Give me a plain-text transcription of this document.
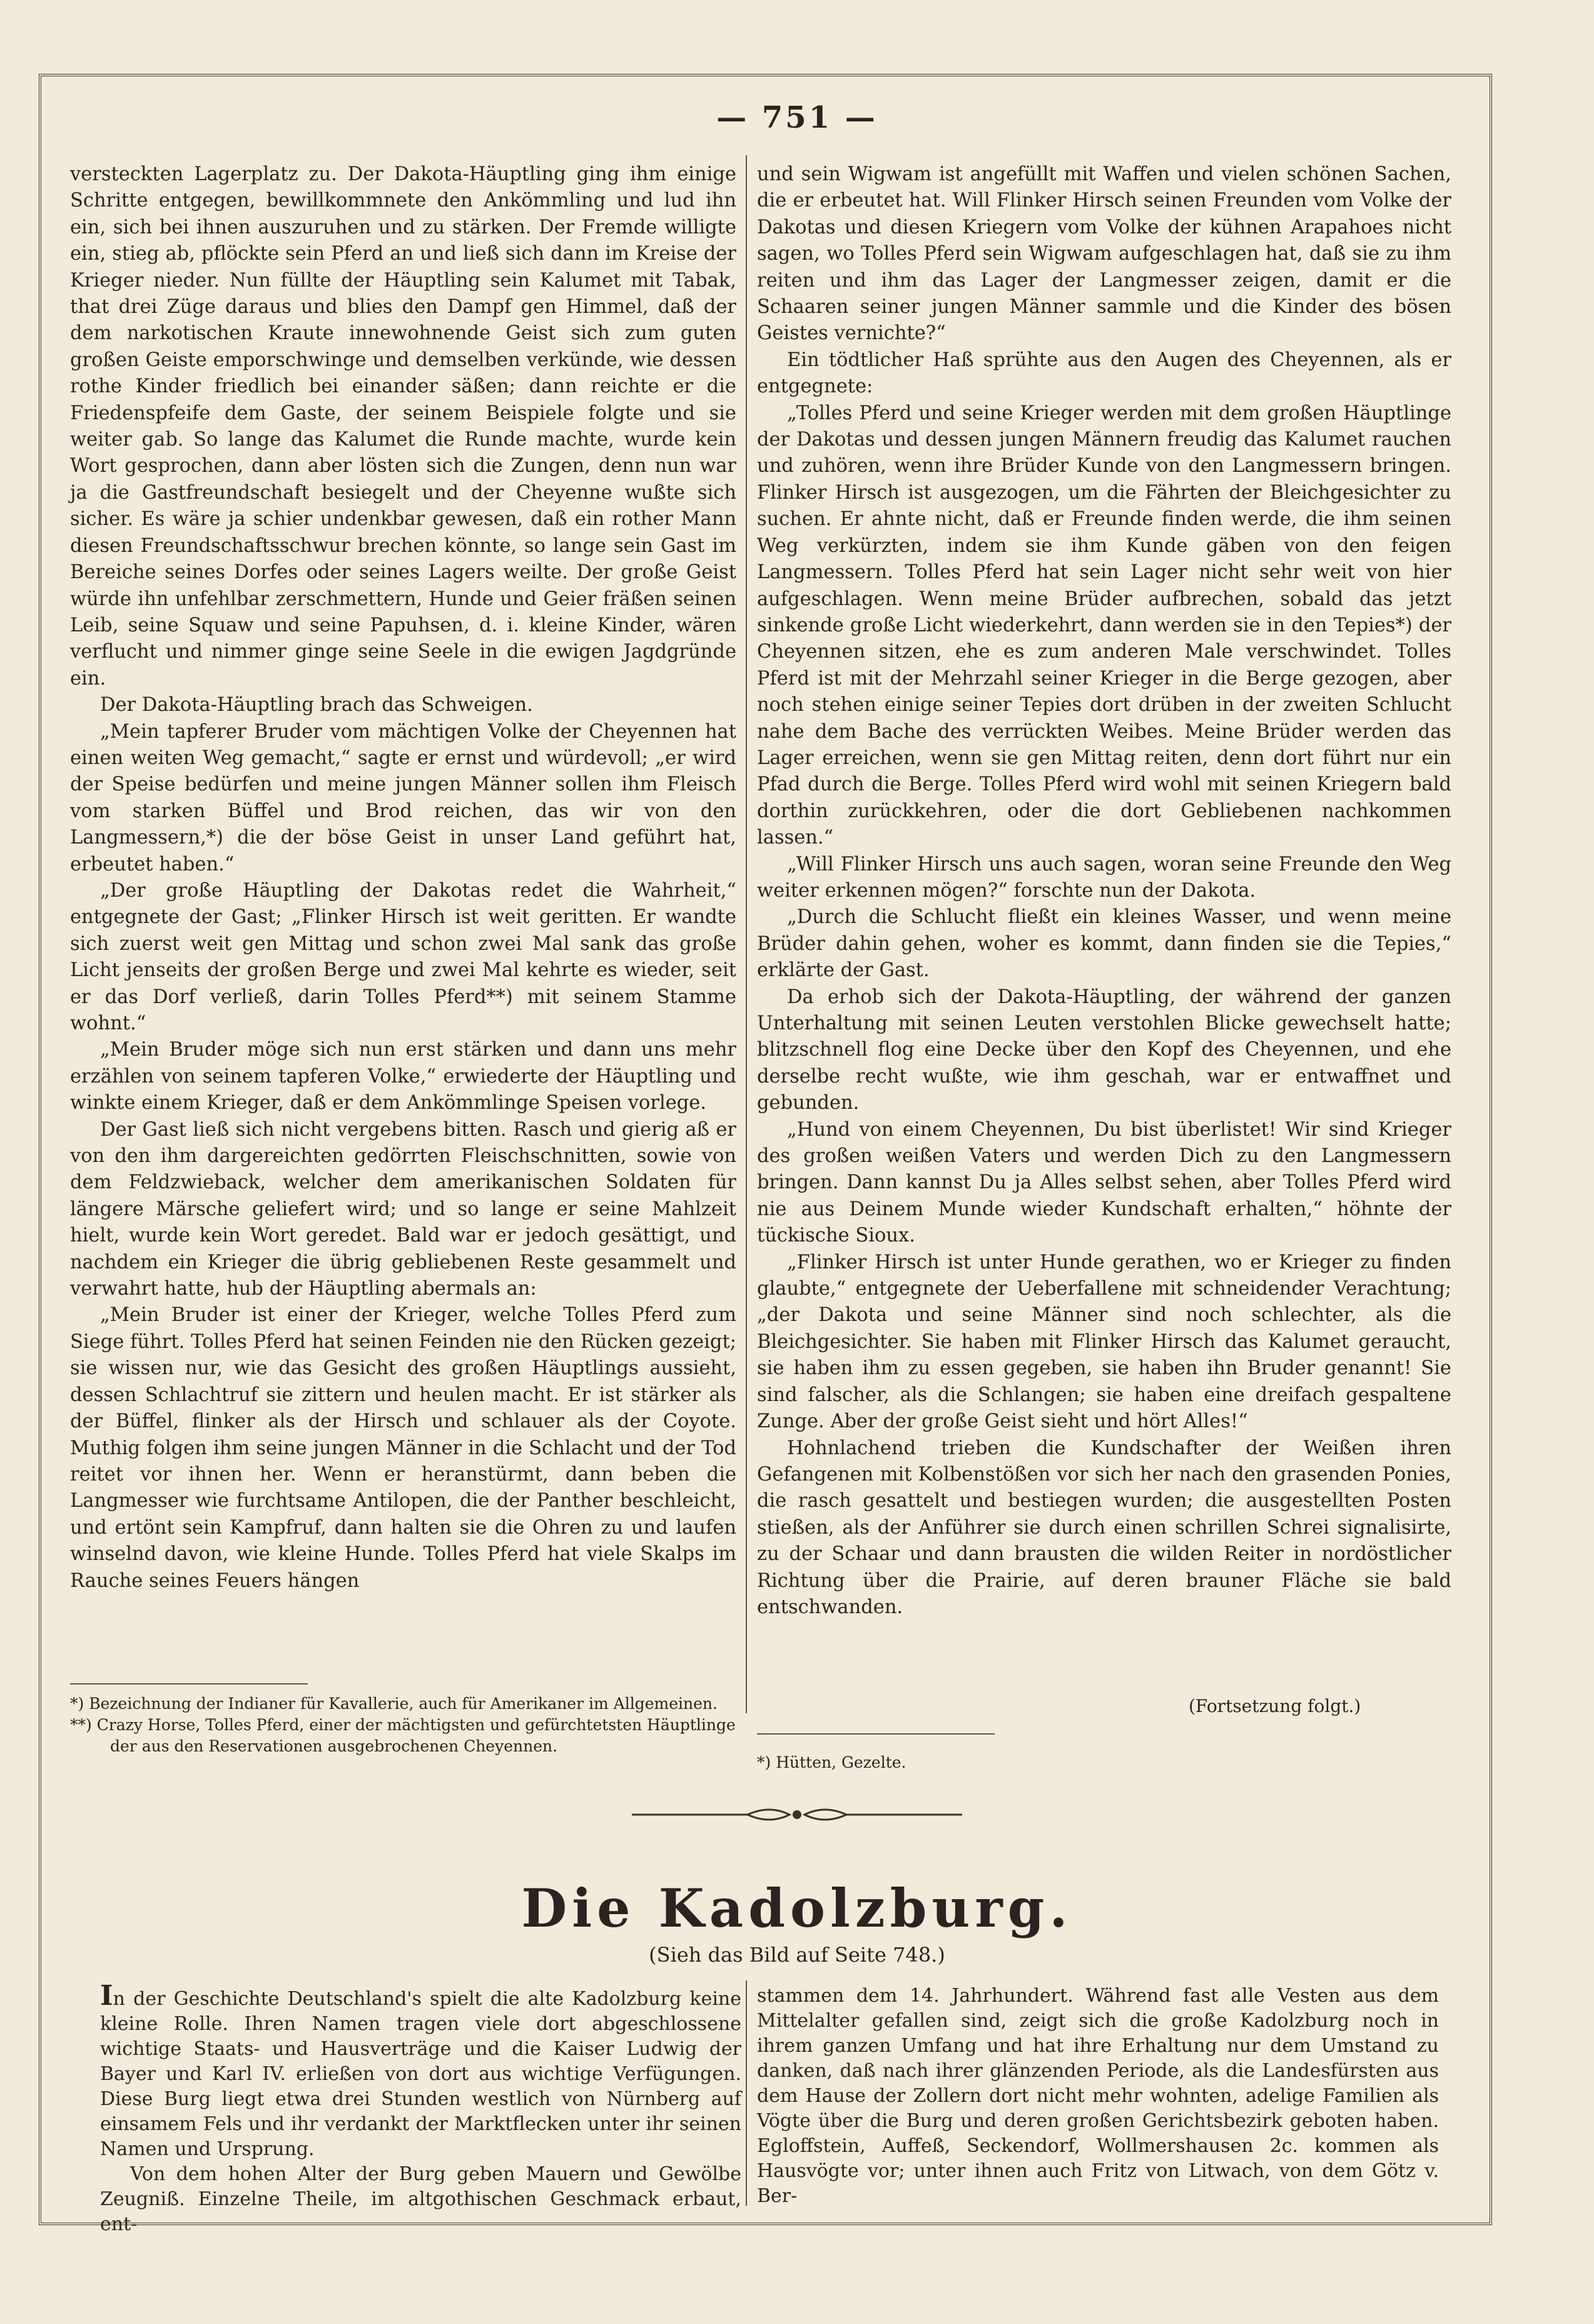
— 751 —

versteckten Lagerplatz zu. Der Dakota-Häuptling ging ihm einige Schritte entgegen, bewillkommnete den Ankömmling und lud ihn ein, sich bei ihnen auszuruhen und zu stärken. Der Fremde willigte ein, stieg ab, pflöckte sein Pferd an und ließ sich dann im Kreise der Krieger nieder. Nun füllte der Häuptling sein Kalumet mit Tabak, that drei Züge daraus und blies den Dampf gen Himmel, daß der dem narkotischen Kraute innewohnende Geist sich zum guten großen Geiste emporschwinge und demselben verkünde, wie dessen rothe Kinder friedlich bei einander säßen; dann reichte er die Friedenspfeife dem Gaste, der seinem Beispiele folgte und sie weiter gab. So lange das Kalumet die Runde machte, wurde kein Wort gesprochen, dann aber lösten sich die Zungen, denn nun war ja die Gastfreundschaft besiegelt und der Cheyenne wußte sich sicher. Es wäre ja schier undenkbar gewesen, daß ein rother Mann diesen Freundschaftsschwur brechen könnte, so lange sein Gast im Bereiche seines Dorfes oder seines Lagers weilte. Der große Geist würde ihn unfehlbar zerschmettern, Hunde und Geier fräßen seinen Leib, seine Squaw und seine Papuhsen, d. i. kleine Kinder, wären verflucht und nimmer ginge seine Seele in die ewigen Jagdgründe ein.

Der Dakota-Häuptling brach das Schweigen.

„Mein tapferer Bruder vom mächtigen Volke der Cheyennen hat einen weiten Weg gemacht,“ sagte er ernst und würdevoll; „er wird der Speise bedürfen und meine jungen Männer sollen ihm Fleisch vom starken Büffel und Brod reichen, das wir von den Langmessern,*) die der böse Geist in unser Land geführt hat, erbeutet haben.“

„Der große Häuptling der Dakotas redet die Wahrheit,“ entgegnete der Gast; „Flinker Hirsch ist weit geritten. Er wandte sich zuerst weit gen Mittag und schon zwei Mal sank das große Licht jenseits der großen Berge und zwei Mal kehrte es wieder, seit er das Dorf verließ, darin Tolles Pferd**) mit seinem Stamme wohnt.“

„Mein Bruder möge sich nun erst stärken und dann uns mehr erzählen von seinem tapferen Volke,“ erwiederte der Häuptling und winkte einem Krieger, daß er dem Ankömmlinge Speisen vorlege.

Der Gast ließ sich nicht vergebens bitten. Rasch und gierig aß er von den ihm dargereichten gedörrten Fleischschnitten, sowie von dem Feldzwieback, welcher dem amerikanischen Soldaten für längere Märsche geliefert wird; und so lange er seine Mahlzeit hielt, wurde kein Wort geredet. Bald war er jedoch gesättigt, und nachdem ein Krieger die übrig gebliebenen Reste gesammelt und verwahrt hatte, hub der Häuptling abermals an:

„Mein Bruder ist einer der Krieger, welche Tolles Pferd zum Siege führt. Tolles Pferd hat seinen Feinden nie den Rücken gezeigt; sie wissen nur, wie das Gesicht des großen Häuptlings aussieht, dessen Schlachtruf sie zittern und heulen macht. Er ist stärker als der Büffel, flinker als der Hirsch und schlauer als der Coyote. Muthig folgen ihm seine jungen Männer in die Schlacht und der Tod reitet vor ihnen her. Wenn er heranstürmt, dann beben die Langmesser wie furchtsame Antilopen, die der Panther beschleicht, und ertönt sein Kampfruf, dann halten sie die Ohren zu und laufen winselnd davon, wie kleine Hunde. Tolles Pferd hat viele Skalps im Rauche seines Feuers hängen

und sein Wigwam ist angefüllt mit Waffen und vielen schönen Sachen, die er erbeutet hat. Will Flinker Hirsch seinen Freunden vom Volke der Dakotas und diesen Kriegern vom Volke der kühnen Arapahoes nicht sagen, wo Tolles Pferd sein Wigwam aufgeschlagen hat, daß sie zu ihm reiten und ihm das Lager der Langmesser zeigen, damit er die Schaaren seiner jungen Männer sammle und die Kinder des bösen Geistes vernichte?“

Ein tödtlicher Haß sprühte aus den Augen des Cheyennen, als er entgegnete:

„Tolles Pferd und seine Krieger werden mit dem großen Häuptlinge der Dakotas und dessen jungen Männern freudig das Kalumet rauchen und zuhören, wenn ihre Brüder Kunde von den Langmessern bringen. Flinker Hirsch ist ausgezogen, um die Fährten der Bleichgesichter zu suchen. Er ahnte nicht, daß er Freunde finden werde, die ihm seinen Weg verkürzten, indem sie ihm Kunde gäben von den feigen Langmessern. Tolles Pferd hat sein Lager nicht sehr weit von hier aufgeschlagen. Wenn meine Brüder aufbrechen, sobald das jetzt sinkende große Licht wiederkehrt, dann werden sie in den Tepies*) der Cheyennen sitzen, ehe es zum anderen Male verschwindet. Tolles Pferd ist mit der Mehrzahl seiner Krieger in die Berge gezogen, aber noch stehen einige seiner Tepies dort drüben in der zweiten Schlucht nahe dem Bache des verrückten Weibes. Meine Brüder werden das Lager erreichen, wenn sie gen Mittag reiten, denn dort führt nur ein Pfad durch die Berge. Tolles Pferd wird wohl mit seinen Kriegern bald dorthin zurückkehren, oder die dort Gebliebenen nachkommen lassen.“

„Will Flinker Hirsch uns auch sagen, woran seine Freunde den Weg weiter erkennen mögen?“ forschte nun der Dakota.

„Durch die Schlucht fließt ein kleines Wasser, und wenn meine Brüder dahin gehen, woher es kommt, dann finden sie die Tepies,“ erklärte der Gast.

Da erhob sich der Dakota-Häuptling, der während der ganzen Unterhaltung mit seinen Leuten verstohlen Blicke gewechselt hatte; blitzschnell flog eine Decke über den Kopf des Cheyennen, und ehe derselbe recht wußte, wie ihm geschah, war er entwaffnet und gebunden.

„Hund von einem Cheyennen, Du bist überlistet! Wir sind Krieger des großen weißen Vaters und werden Dich zu den Langmessern bringen. Dann kannst Du ja Alles selbst sehen, aber Tolles Pferd wird nie aus Deinem Munde wieder Kundschaft erhalten,“ höhnte der tückische Sioux.

„Flinker Hirsch ist unter Hunde gerathen, wo er Krieger zu finden glaubte,“ entgegnete der Ueberfallene mit schneidender Verachtung; „der Dakota und seine Männer sind noch schlechter, als die Bleichgesichter. Sie haben mit Flinker Hirsch das Kalumet geraucht, sie haben ihm zu essen gegeben, sie haben ihn Bruder genannt! Sie sind falscher, als die Schlangen; sie haben eine dreifach gespaltene Zunge. Aber der große Geist sieht und hört Alles!“

Hohnlachend trieben die Kundschafter der Weißen ihren Gefangenen mit Kolbenstößen vor sich her nach den grasenden Ponies, die rasch gesattelt und bestiegen wurden; die ausgestellten Posten stießen, als der Anführer sie durch einen schrillen Schrei signalisirte, zu der Schaar und dann brausten die wilden Reiter in nordöstlicher Richtung über die Prairie, auf deren brauner Fläche sie bald entschwanden.

(Fortsetzung folgt.)

*) Bezeichnung der Indianer für Kavallerie, auch für Amerikaner im Allgemeinen.

**) Crazy Horse, Tolles Pferd, einer der mächtigsten und gefürchtetsten Häuptlinge der aus den Reservationen ausgebrochenen Cheyennen.

*) Hütten, Gezelte.

Die Kadolzburg.
(Sieh das Bild auf Seite 748.)

In der Geschichte Deutschland's spielt die alte Kadolzburg keine kleine Rolle. Ihren Namen tragen viele dort abgeschlossene wichtige Staats- und Hausverträge und die Kaiser Ludwig der Bayer und Karl IV. erließen von dort aus wichtige Verfügungen. Diese Burg liegt etwa drei Stunden westlich von Nürnberg auf einsamem Fels und ihr verdankt der Marktflecken unter ihr seinen Namen und Ursprung.

Von dem hohen Alter der Burg geben Mauern und Gewölbe Zeugniß. Einzelne Theile, im altgothischen Geschmack erbaut, ent-

stammen dem 14. Jahrhundert. Während fast alle Vesten aus dem Mittelalter gefallen sind, zeigt sich die große Kadolzburg noch in ihrem ganzen Umfang und hat ihre Erhaltung nur dem Umstand zu danken, daß nach ihrer glänzenden Periode, als die Landesfürsten aus dem Hause der Zollern dort nicht mehr wohnten, adelige Familien als Vögte über die Burg und deren großen Gerichtsbezirk geboten haben. Egloffstein, Auffeß, Seckendorf, Wollmershausen 2c. kommen als Hausvögte vor; unter ihnen auch Fritz von Litwach, von dem Götz v. Ber-
